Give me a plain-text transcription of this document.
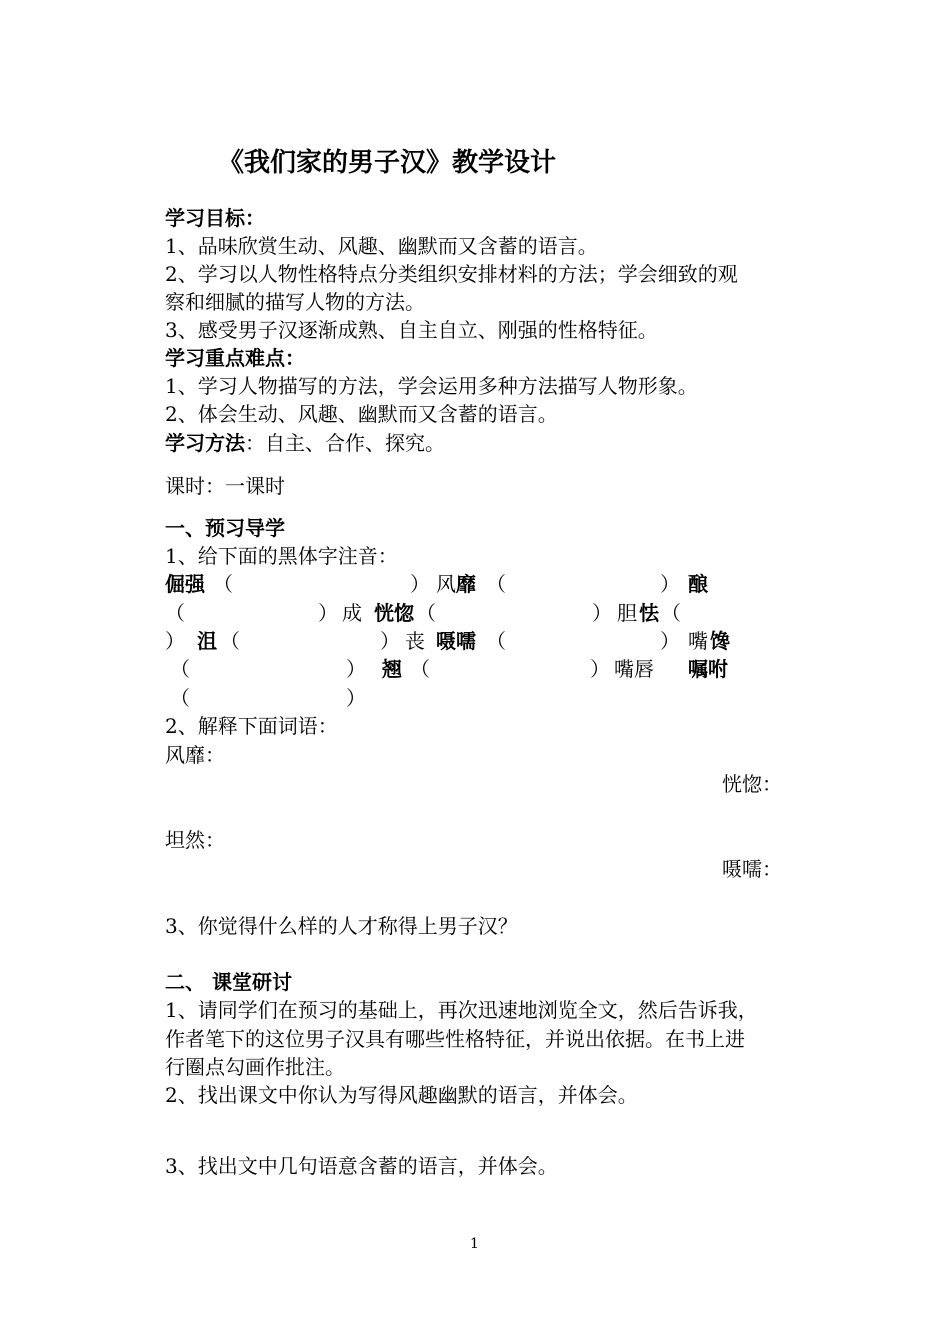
《我们家的男子汉》教学设计
学习目标：
1、品味欣赏生动、风趣、幽默而又含蓄的语言。
2、学习以人物性格特点分类组织安排材料的方法；学会细致的观
察和细腻的描写人物的方法。
3、感受男子汉逐渐成熟、自主自立、刚强的性格特征。
学习重点难点：
1、学习人物描写的方法，学会运用多种方法描写人物形象。
2、体会生动、风趣、幽默而又含蓄的语言。
学习方法：自主、合作、探究。
课时：一课时
一、预习导学
1、给下面的黑体字注音：
倔强 （	） 风 靡 （	） 酿
（	） 成 恍惚 （	） 胆 怯 （
） 沮 （	） 丧 嗫嚅 （	） 嘴 馋
（	） 翘 （	） 嘴唇 嘱咐
（	）
2、解释下面词语：
风靡：
恍惚：
坦然：
嗫嚅：
3、你觉得什么样的人才称得上男子汉？
二、 课堂研讨
1、请同学们在预习的基础上，再次迅速地浏览全文，然后告诉我，
作者笔下的这位男子汉具有哪些性格特征，并说出依据。在书上进
行圈点勾画作批注。
2、找出课文中你认为写得风趣幽默的语言，并体会。
3、找出文中几句语意含蓄的语言，并体会。
1
